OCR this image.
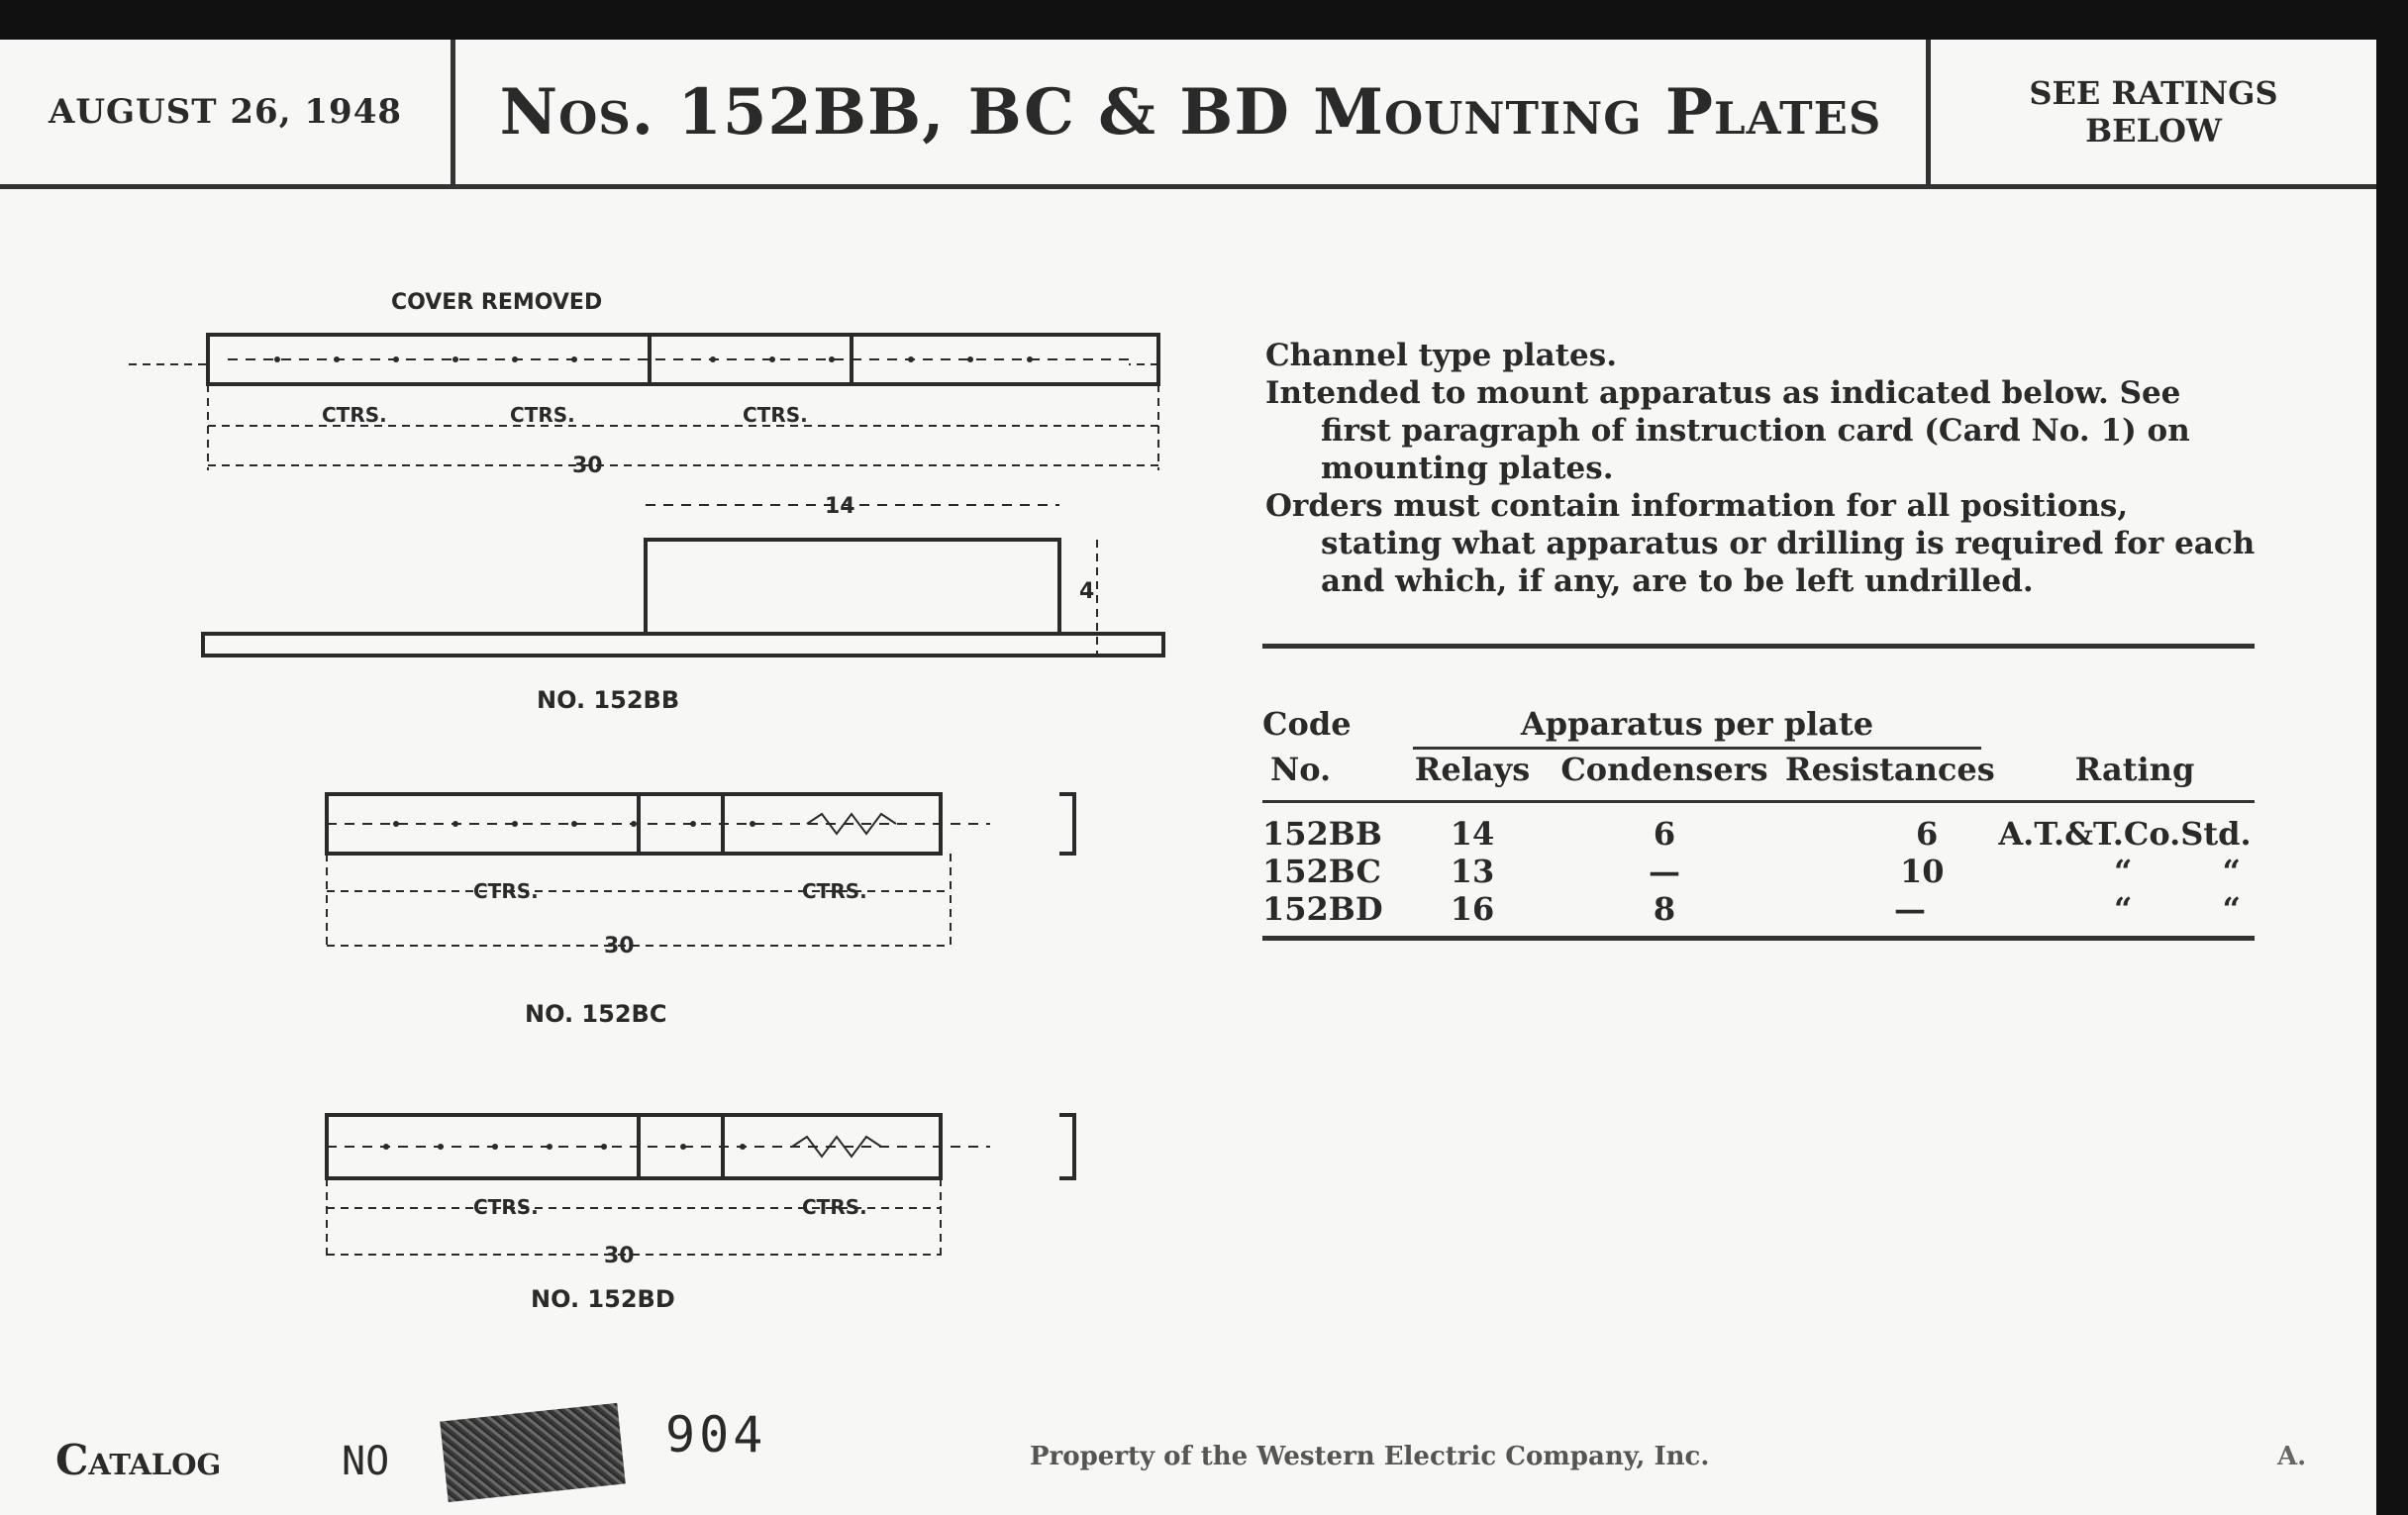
AUGUST 26, 1948	Nos. 152BB, BC & BD Mounting Plates	SEE RATINGS
BELOW
COVER REMOVED
CTRS.	CTRS.	CTRS.
30
14
4
NO. 152BB
CTRS.	CTRS.
30
NO. 152BC
CTRS.	CTRS.
30
NO. 152BD

Channel type plates.

Intended to mount apparatus as indicated below. See first paragraph of instruction card (Card No. 1) on mounting plates.

Orders must contain information for all positions, stating what apparatus or drilling is required for each and which, if any, are to be left undrilled.

Code
No.
Apparatus per plate
Relays Condensers Resistances	Rating
152BB	14	6	6 A.T.&T.Co.Std.
152BC	13	—	10	“ “
152BD	16	8	—	“ “
Catalog	NO	904	Property of the Western Electric Company, Inc.	A.
